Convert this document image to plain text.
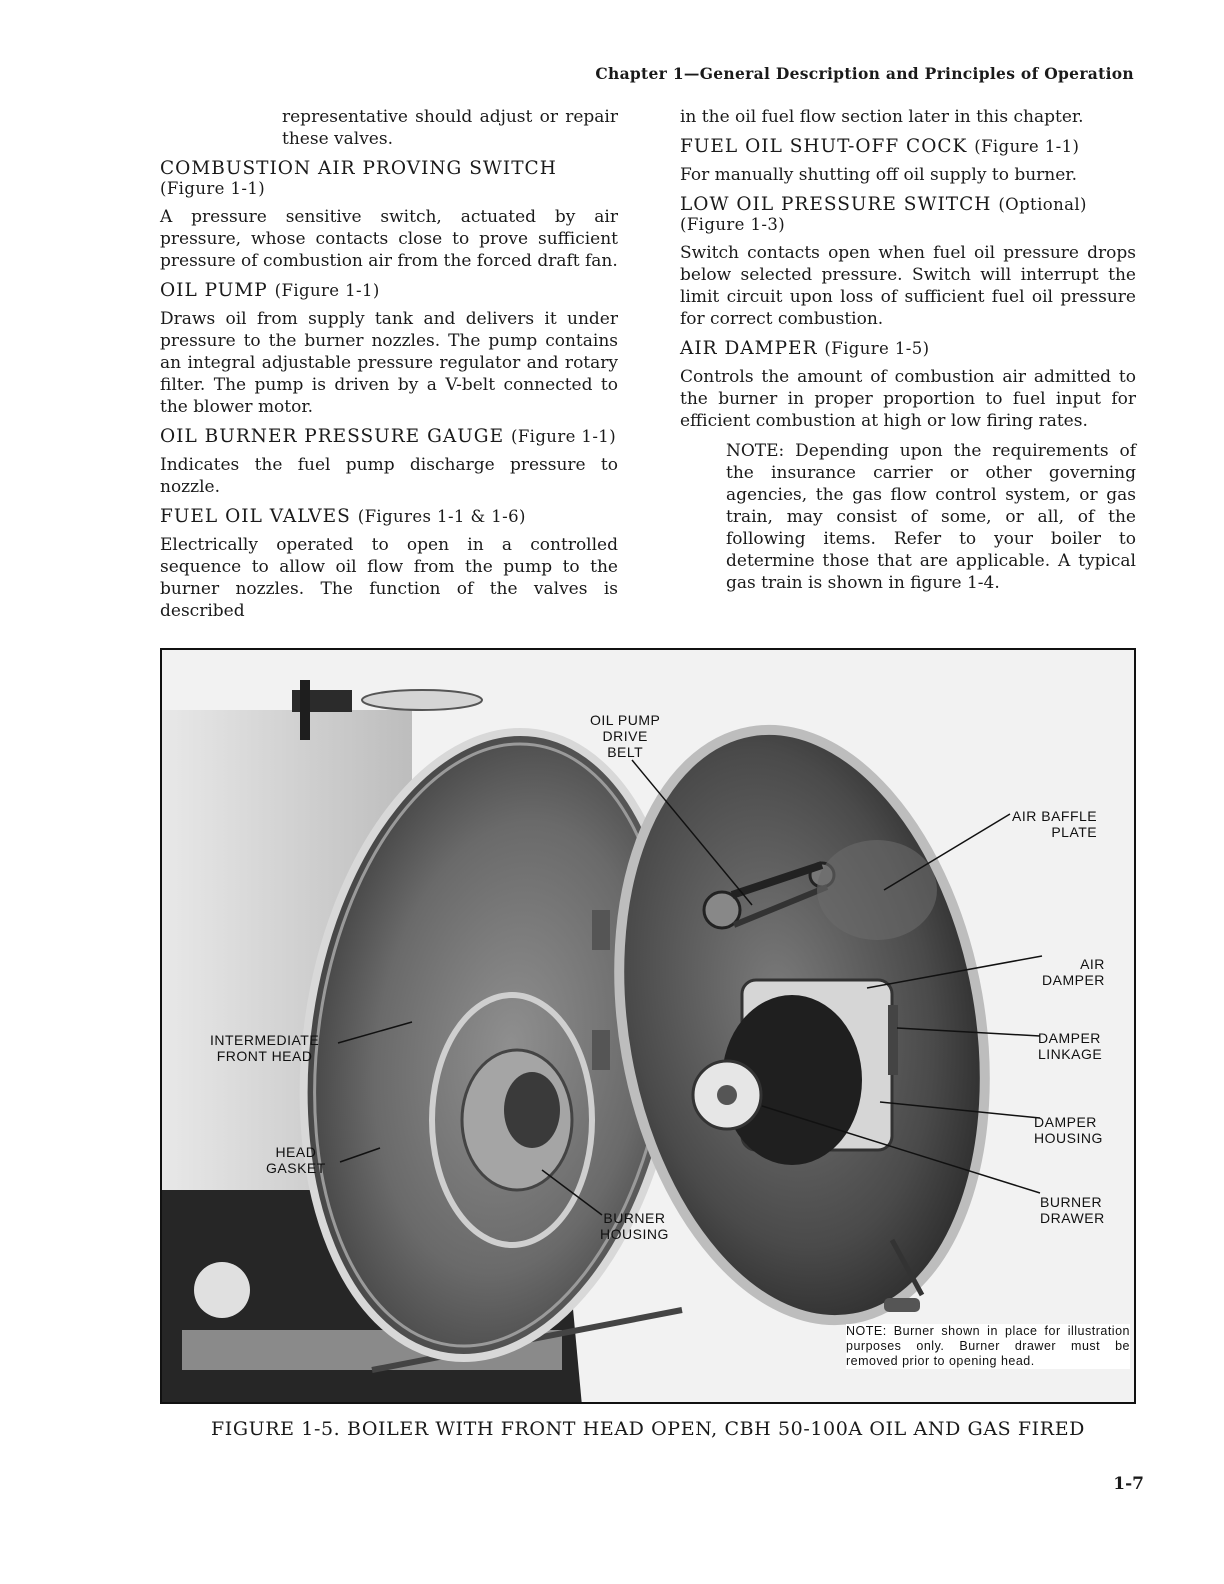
Chapter 1—General Description and Principles of Operation

representative should adjust or repair these valves.

COMBUSTION AIR PROVING SWITCH
(Figure 1-1)

A pressure sensitive switch, actuated by air pressure, whose contacts close to prove sufficient pressure of combustion air from the forced draft fan.

OIL PUMP (Figure 1-1)

Draws oil from supply tank and delivers it under pressure to the burner nozzles. The pump contains an integral adjustable pressure regulator and rotary filter. The pump is driven by a V-belt connected to the blower motor.

OIL BURNER PRESSURE GAUGE (Figure 1-1)

Indicates the fuel pump discharge pressure to nozzle.

FUEL OIL VALVES (Figures 1-1 & 1-6)

Electrically operated to open in a controlled sequence to allow oil flow from the pump to the burner nozzles. The function of the valves is described

in the oil fuel flow section later in this chapter.

FUEL OIL SHUT-OFF COCK (Figure 1-1)

For manually shutting off oil supply to burner.

LOW OIL PRESSURE SWITCH (Optional)
(Figure 1-3)

Switch contacts open when fuel oil pressure drops below selected pressure. Switch will interrupt the limit circuit upon loss of sufficient fuel oil pressure for correct combustion.

AIR DAMPER (Figure 1-5)

Controls the amount of combustion air admitted to the burner in proper proportion to fuel input for efficient combustion at high or low firing rates.

NOTE: Depending upon the requirements of the insurance carrier or other governing agencies, the gas flow control system, or gas train, may consist of some, or all, of the following items. Refer to your boiler to determine those that are applicable. A typical gas train is shown in figure 1-4.

OIL PUMP
DRIVE
BELT
AIR BAFFLE
PLATE
AIR
DAMPER
DAMPER
LINKAGE
DAMPER
HOUSING
BURNER
DRAWER
INTERMEDIATE
FRONT HEAD
HEAD
GASKET
BURNER
HOUSING
NOTE: Burner shown in place for illustration purposes only. Burner drawer must be removed prior to opening head.
FIGURE 1-5. BOILER WITH FRONT HEAD OPEN, CBH 50-100A OIL AND GAS FIRED
1-7
